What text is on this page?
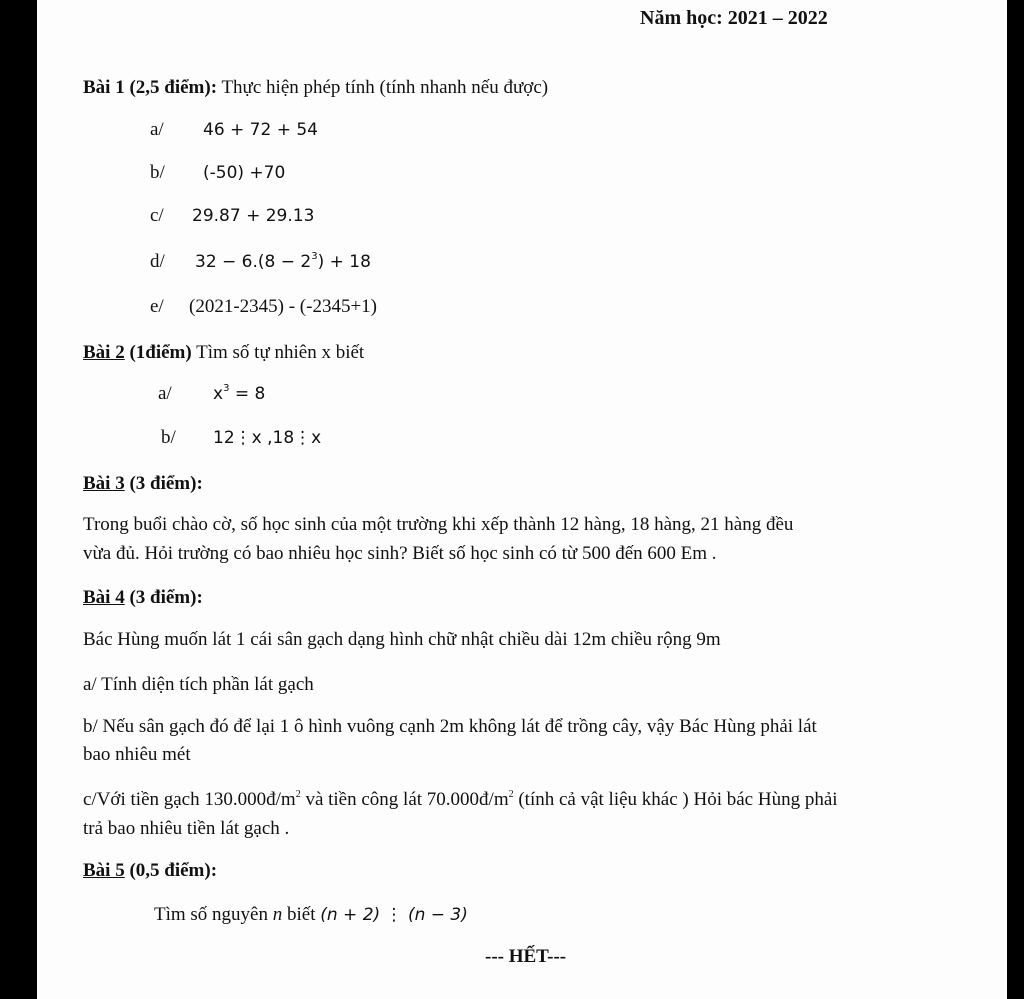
Năm học: 2021 – 2022
Bài 1 (2,5 điểm): Thực hiện phép tính (tính nhanh nếu được)
a/ 46 + 72 + 54
b/ (-50) +70
c/ 29.87 + 29.13
d/ $32 - 6.(8 - 2^3) + 18$
e/ (2021-2345) - (-2345+1)
Bài 2 (1điểm) Tìm số tự nhiên x biết
a/ $x^3 = 8$
b/ 12⋮x ,18⋮x
Bài 3 (3 điểm):
Trong buổi chào cờ, số học sinh của một trường khi xếp thành 12 hàng, 18 hàng, 21 hàng đều
vừa đủ. Hỏi trường có bao nhiêu học sinh? Biết số học sinh có từ 500 đến 600 Em .
Bài 4 (3 điểm):
Bác Hùng muốn lát 1 cái sân gạch dạng hình chữ nhật chiều dài 12m chiều rộng 9m
a/ Tính diện tích phần lát gạch
b/ Nếu sân gạch đó để lại 1 ô hình vuông cạnh 2m không lát để trồng cây, vậy Bác Hùng phải lát
bao nhiêu mét
c/Với tiền gạch $130.000đ/m^2$ và tiền công lát $70.000đ/m^2$ (tính cả vật liệu khác ) Hỏi bác Hùng phải
trả bao nhiêu tiền lát gạch .
Bài 5 (0,5 điểm):
Tìm số nguyên n biết (n + 2) ⋮ (n − 3)
--- HẾT---
